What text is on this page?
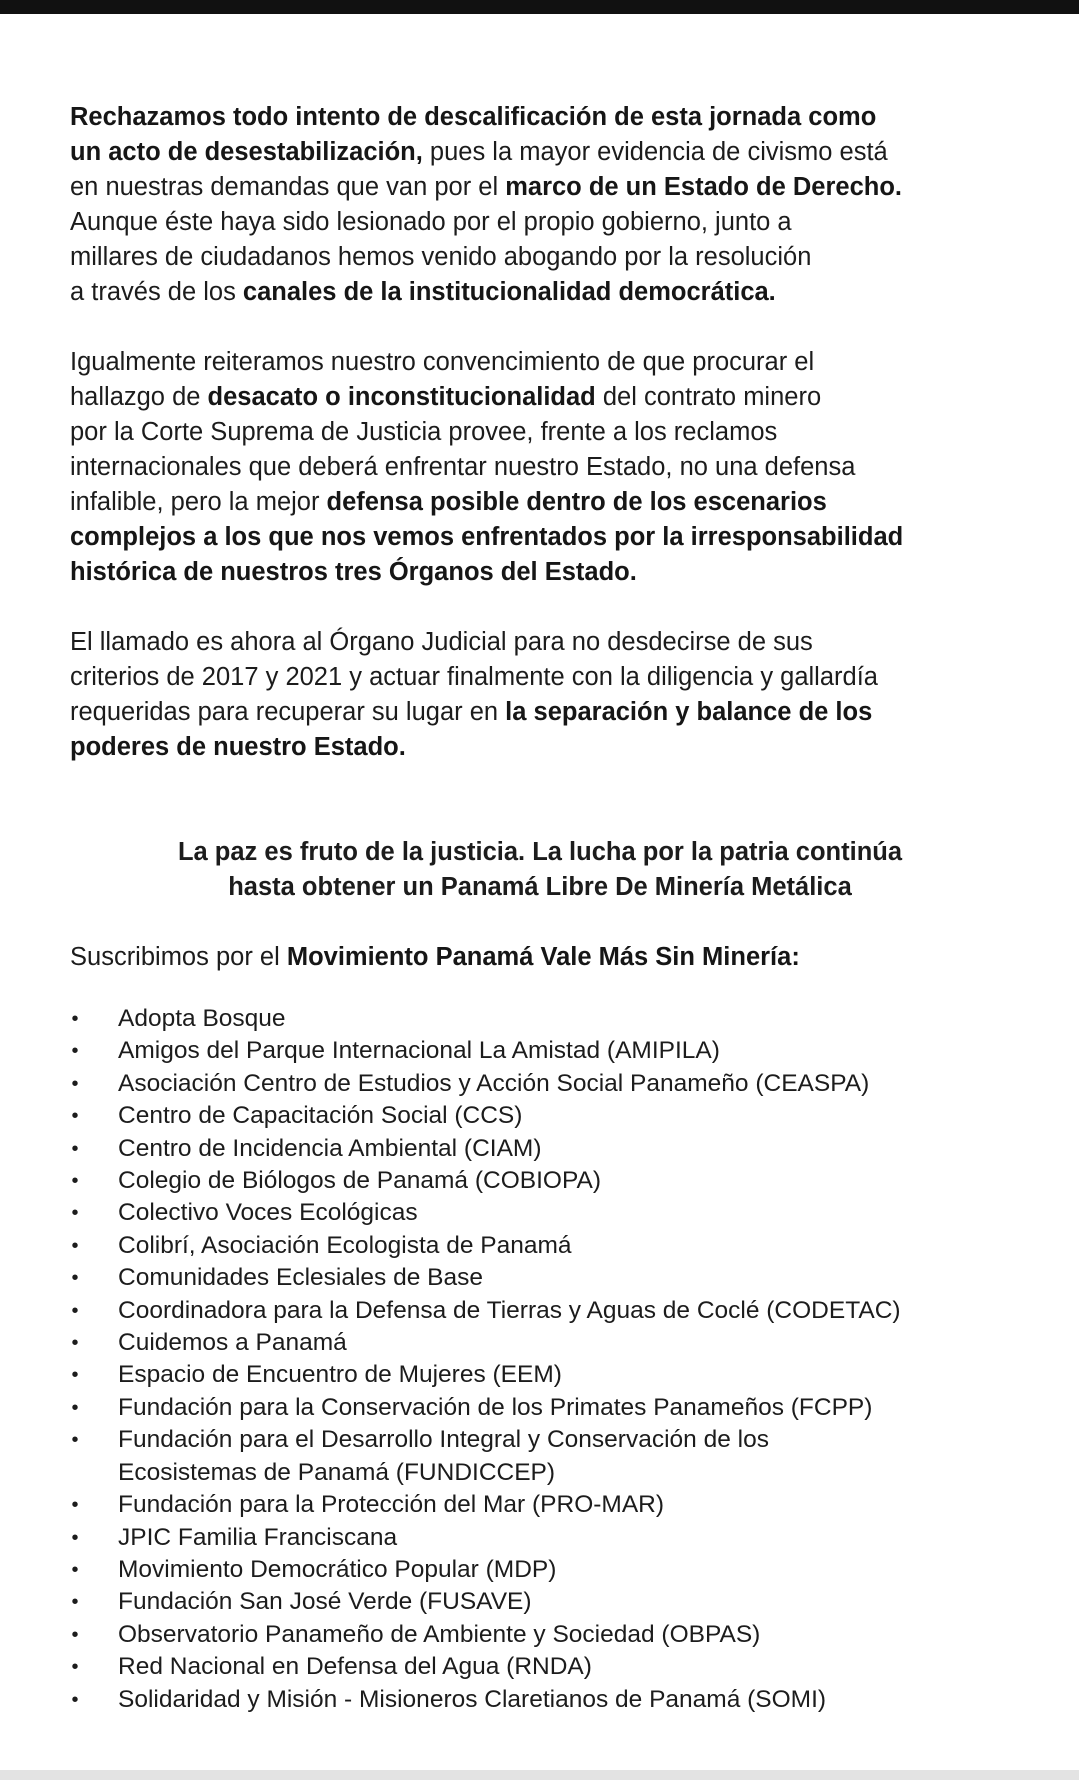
Rechazamos todo intento de descalificación de esta jornada como
un acto de desestabilización, pues la mayor evidencia de civismo está
en nuestras demandas que van por el marco de un Estado de Derecho.
Aunque éste haya sido lesionado por el propio gobierno, junto a
millares de ciudadanos hemos venido abogando por la resolución
a través de los canales de la institucionalidad democrática.

Igualmente reiteramos nuestro convencimiento de que procurar el
hallazgo de desacato o inconstitucionalidad del contrato minero
por la Corte Suprema de Justicia provee, frente a los reclamos
internacionales que deberá enfrentar nuestro Estado, no una defensa
infalible, pero la mejor defensa posible dentro de los escenarios
complejos a los que nos vemos enfrentados por la irresponsabilidad
histórica de nuestros tres Órganos del Estado.

El llamado es ahora al Órgano Judicial para no desdecirse de sus
criterios de 2017 y 2021 y actuar finalmente con la diligencia y gallardía
requeridas para recuperar su lugar en la separación y balance de los
poderes de nuestro Estado.

La paz es fruto de la justicia. La lucha por la patria continúa
hasta obtener un Panamá Libre De Minería Metálica

Suscribimos por el Movimiento Panamá Vale Más Sin Minería:

• Adopta Bosque
• Amigos del Parque Internacional La Amistad (AMIPILA)
• Asociación Centro de Estudios y Acción Social Panameño (CEASPA)
• Centro de Capacitación Social (CCS)
• Centro de Incidencia Ambiental (CIAM)
• Colegio de Biólogos de Panamá (COBIOPA)
• Colectivo Voces Ecológicas
• Colibrí, Asociación Ecologista de Panamá
• Comunidades Eclesiales de Base
• Coordinadora para la Defensa de Tierras y Aguas de Coclé (CODETAC)
• Cuidemos a Panamá
• Espacio de Encuentro de Mujeres (EEM)
• Fundación para la Conservación de los Primates Panameños (FCPP)
• Fundación para el Desarrollo Integral y Conservación de los
Ecosistemas de Panamá (FUNDICCEP)
• Fundación para la Protección del Mar (PRO-MAR)
• JPIC Familia Franciscana
• Movimiento Democrático Popular (MDP)
• Fundación San José Verde (FUSAVE)
• Observatorio Panameño de Ambiente y Sociedad (OBPAS)
• Red Nacional en Defensa del Agua (RNDA)
• Solidaridad y Misión - Misioneros Claretianos de Panamá (SOMI)
